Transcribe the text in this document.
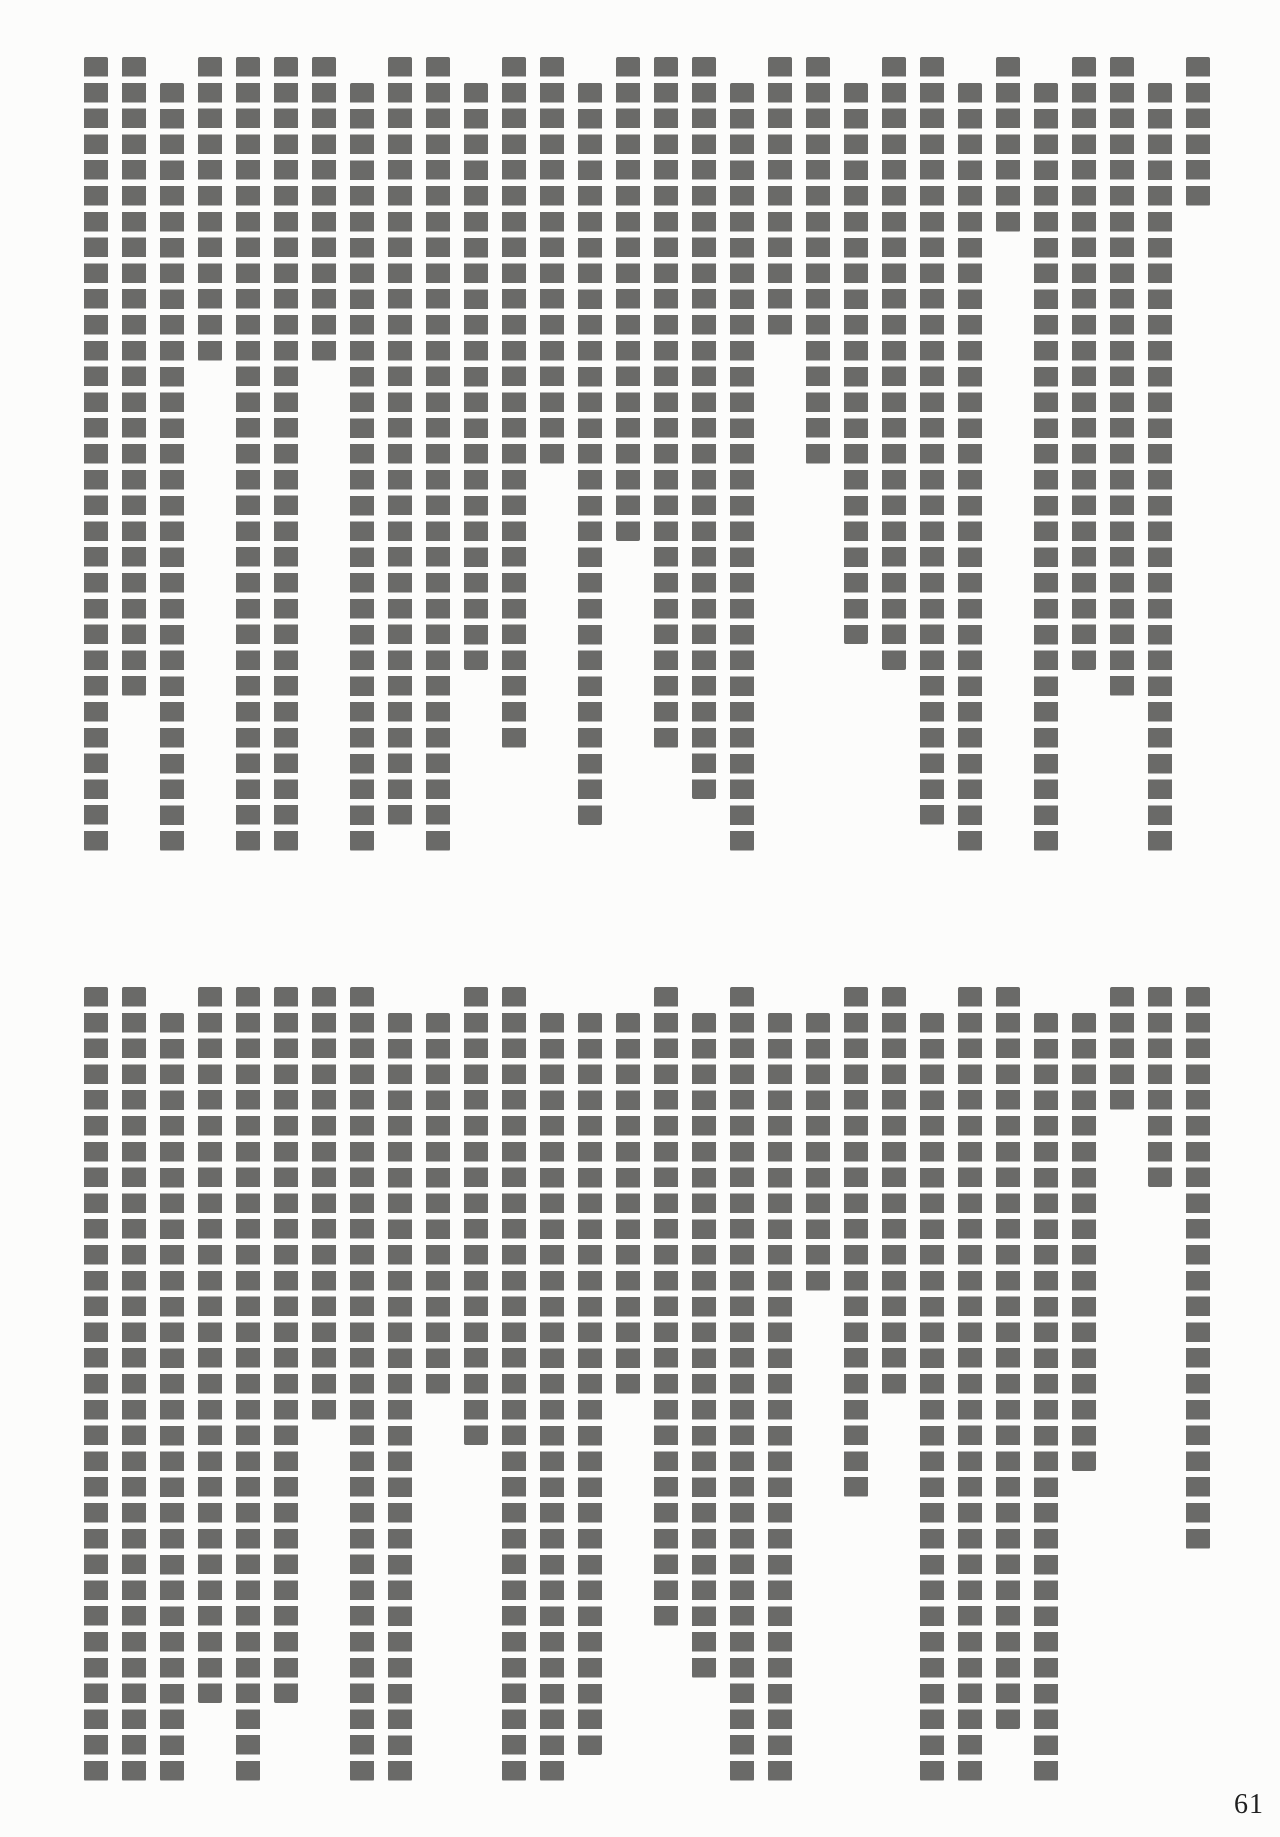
61
